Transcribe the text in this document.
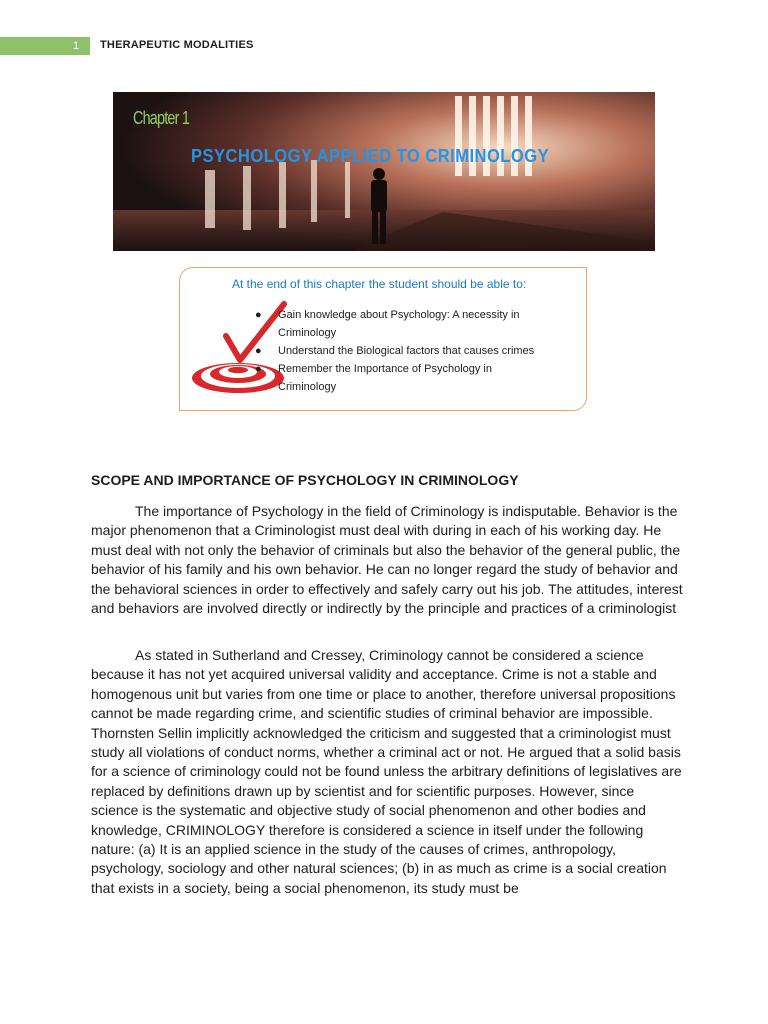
1	THERAPEUTIC MODALITIES
Chapter 1
PSYCHOLOGY APPLIED TO CRIMINOLOGY
At the end of this chapter the student should be able to:
● Gain knowledge about Psychology: A necessity in Criminology
● Understand the Biological factors that causes crimes
● Remember the Importance of Psychology in Criminology
SCOPE AND IMPORTANCE OF PSYCHOLOGY IN CRIMINOLOGY

The importance of Psychology in the field of Criminology is indisputable. Behavior is the major phenomenon that a Criminologist must deal with during in each of his working day. He must deal with not only the behavior of criminals but also the behavior of the general public, the behavior of his family and his own behavior. He can no longer regard the study of behavior and the behavioral sciences in order to effectively and safely carry out his job. The attitudes, interest and behaviors are involved directly or indirectly by the principle and practices of a criminologist

As stated in Sutherland and Cressey, Criminology cannot be considered a science because it has not yet acquired universal validity and acceptance. Crime is not a stable and homogenous unit but varies from one time or place to another, therefore universal propositions cannot be made regarding crime, and scientific studies of criminal behavior are impossible. Thornsten Sellin implicitly acknowledged the criticism and suggested that a criminologist must study all violations of conduct norms, whether a criminal act or not. He argued that a solid basis for a science of criminology could not be found unless the arbitrary definitions of legislatives are replaced by definitions drawn up by scientist and for scientific purposes. However, since science is the systematic and objective study of social phenomenon and other bodies and knowledge, CRIMINOLOGY therefore is considered a science in itself under the following nature: (a) It is an applied science in the study of the causes of crimes, anthropology, psychology, sociology and other natural sciences; (b) in as much as crime is a social creation that exists in a society, being a social phenomenon, its study must be
